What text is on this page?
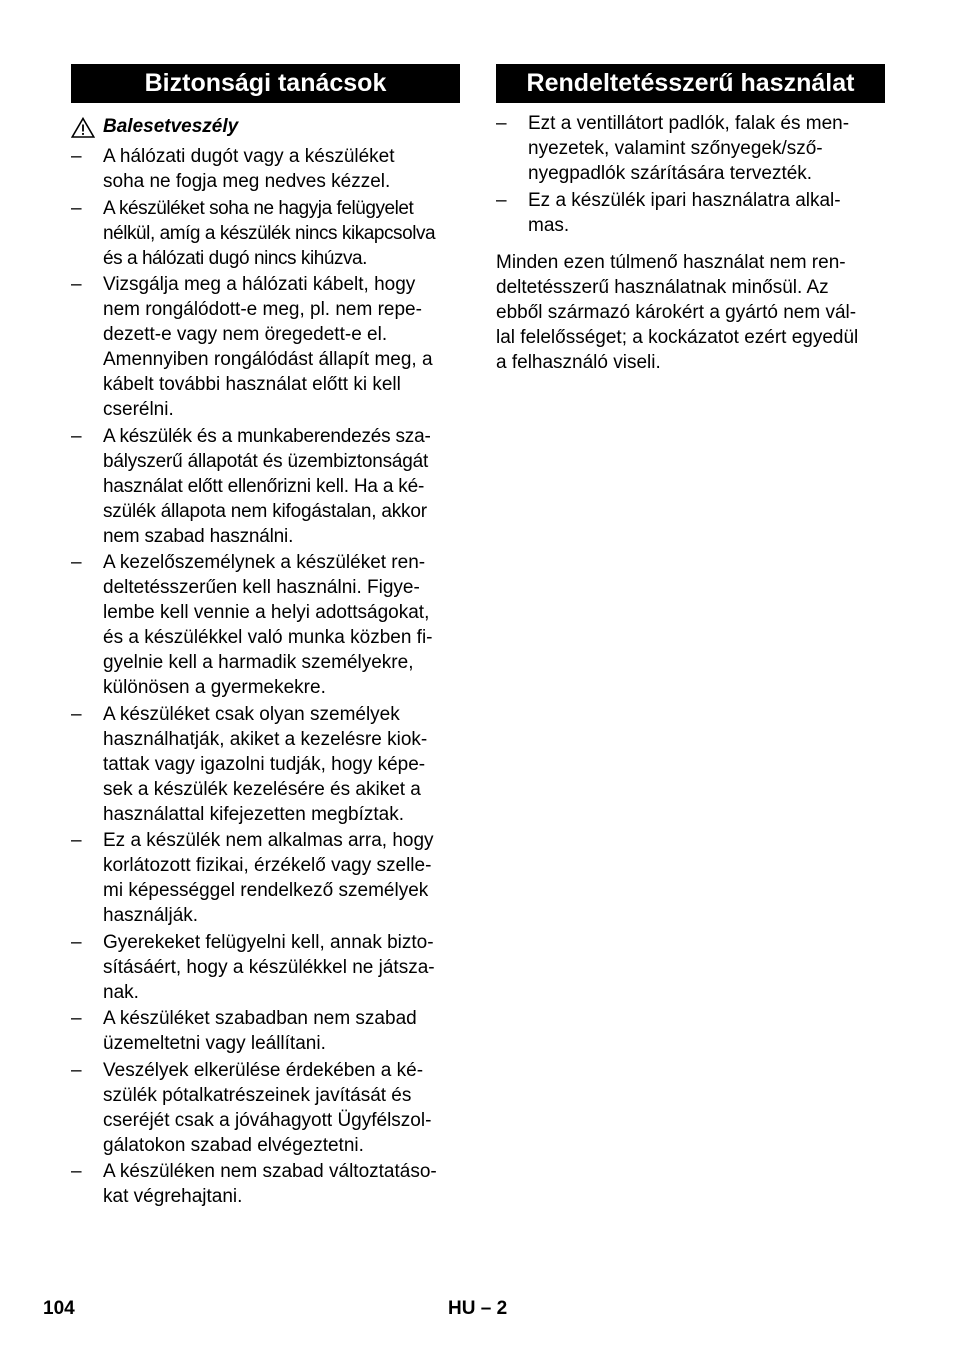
Biztonsági tanácsok
Balesetveszély
– A hálózati dugót vagy a készüléket
soha ne fogja meg nedves kézzel.
– A készüléket soha ne hagyja felügyelet
nélkül, amíg a készülék nincs kikapcsolva
és a hálózati dugó nincs kihúzva.
– Vizsgálja meg a hálózati kábelt, hogy
nem rongálódott-e meg, pl. nem repe-
dezett-e vagy nem öregedett-e el.
Amennyiben rongálódást állapít meg, a
kábelt további használat előtt ki kell
cserélni.
– A készülék és a munkaberendezés sza-
bályszerű állapotát és üzembiztonságát
használat előtt ellenőrizni kell. Ha a ké-
szülék állapota nem kifogástalan, akkor
nem szabad használni.
– A kezelőszemélynek a készüléket ren-
deltetésszerűen kell használni. Figye-
lembe kell vennie a helyi adottságokat,
és a készülékkel való munka közben fi-
gyelnie kell a harmadik személyekre,
különösen a gyermekekre.
– A készüléket csak olyan személyek
használhatják, akiket a kezelésre kiok-
tattak vagy igazolni tudják, hogy képe-
sek a készülék kezelésére és akiket a
használattal kifejezetten megbíztak.
– Ez a készülék nem alkalmas arra, hogy
korlátozott fizikai, érzékelő vagy szelle-
mi képességgel rendelkező személyek
használják.
– Gyerekeket felügyelni kell, annak bizto-
sításáért, hogy a készülékkel ne játsza-
nak.
– A készüléket szabadban nem szabad
üzemeltetni vagy leállítani.
– Veszélyek elkerülése érdekében a ké-
szülék pótalkatrészeinek javítását és
cseréjét csak a jóváhagyott Ügyfélszol-
gálatokon szabad elvégeztetni.
– A készüléken nem szabad változtatáso-
kat végrehajtani.
Rendeltetésszerű használat
– Ezt a ventillátort padlók, falak és men-
nyezetek, valamint szőnyegek/sző-
nyegpadlók szárítására tervezték.
– Ez a készülék ipari használatra alkal-
mas.

Minden ezen túlmenő használat nem ren-
deltetésszerű használatnak minősül. Az
ebből származó károkért a gyártó nem vál-
lal felelősséget; a kockázatot ezért egyedül
a felhasználó viseli.

104	HU – 2
